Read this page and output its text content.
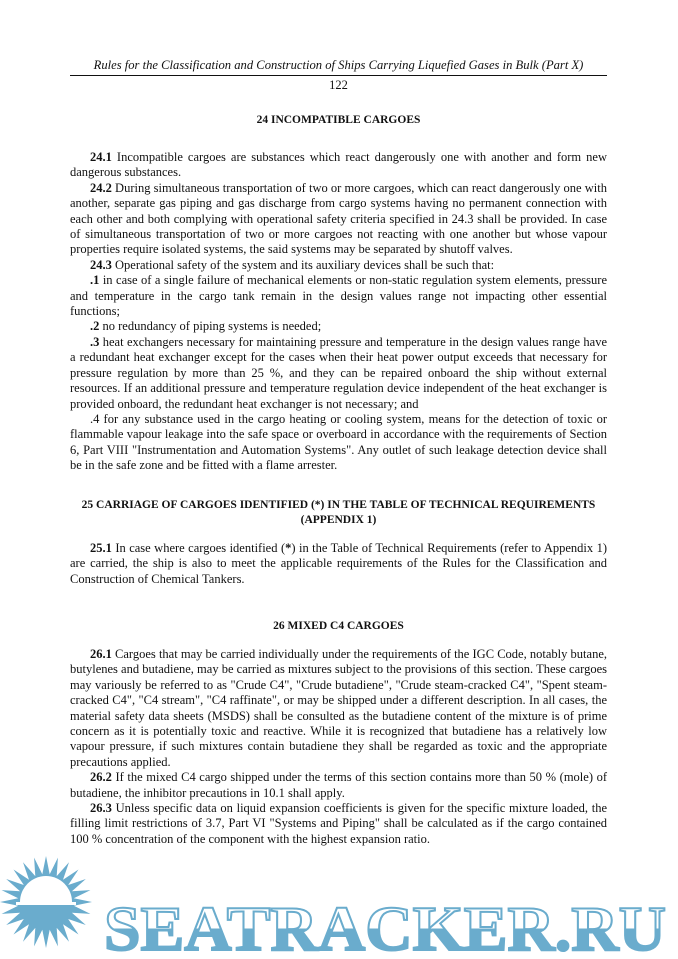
Rules for the Classification and Construction of Ships Carrying Liquefied Gases in Bulk (Part X)
122
24 INCOMPATIBLE CARGOES

24.1 Incompatible cargoes are substances which react dangerously one with another and form new dangerous substances.

24.2 During simultaneous transportation of two or more cargoes, which can react dangerously one with another, separate gas piping and gas discharge from cargo systems having no permanent connection with each other and both complying with operational safety criteria specified in 24.3 shall be provided. In case of simultaneous transportation of two or more cargoes not reacting with one another but whose vapour properties require isolated systems, the said systems may be separated by shutoff valves.

24.3 Operational safety of the system and its auxiliary devices shall be such that:

.1 in case of a single failure of mechanical elements or non-static regulation system elements, pressure and temperature in the cargo tank remain in the design values range not impacting other essential functions;

.2 no redundancy of piping systems is needed;

.3 heat exchangers necessary for maintaining pressure and temperature in the design values range have a redundant heat exchanger except for the cases when their heat power output exceeds that necessary for pressure regulation by more than 25 %, and they can be repaired onboard the ship without external resources. If an additional pressure and temperature regulation device independent of the heat exchanger is provided onboard, the redundant heat exchanger is not necessary; and

.4 for any substance used in the cargo heating or cooling system, means for the detection of toxic or flammable vapour leakage into the safe space or overboard in accordance with the requirements of Section 6, Part VIII "Instrumentation and Automation Systems". Any outlet of such leakage detection device shall be in the safe zone and be fitted with a flame arrester.

25 CARRIAGE OF CARGOES IDENTIFIED (*) IN THE TABLE OF TECHNICAL REQUIREMENTS
(APPENDIX 1)

25.1 In case where cargoes identified (*) in the Table of Technical Requirements (refer to Appendix 1) are carried, the ship is also to meet the applicable requirements of the Rules for the Classification and Construction of Chemical Tankers.

26 MIXED C4 CARGOES

26.1 Cargoes that may be carried individually under the requirements of the IGC Code, notably butane, butylenes and butadiene, may be carried as mixtures subject to the provisions of this section. These cargoes may variously be referred to as "Crude C4", "Crude butadiene", "Crude steam-cracked C4", "Spent steam-cracked C4", "C4 stream", "C4 raffinate", or may be shipped under a different description. In all cases, the material safety data sheets (MSDS) shall be consulted as the butadiene content of the mixture is of prime concern as it is potentially toxic and reactive. While it is recognized that butadiene has a relatively low vapour pressure, if such mixtures contain butadiene they shall be regarded as toxic and the appropriate precautions applied.

26.2 If the mixed C4 cargo shipped under the terms of this section contains more than 50 % (mole) of butadiene, the inhibitor precautions in 10.1 shall apply.

26.3 Unless specific data on liquid expansion coefficients is given for the specific mixture loaded, the filling limit restrictions of 3.7, Part VI "Systems and Piping" shall be calculated as if the cargo contained 100 % concentration of the component with the highest expansion ratio.

SEATRACKER.RU
